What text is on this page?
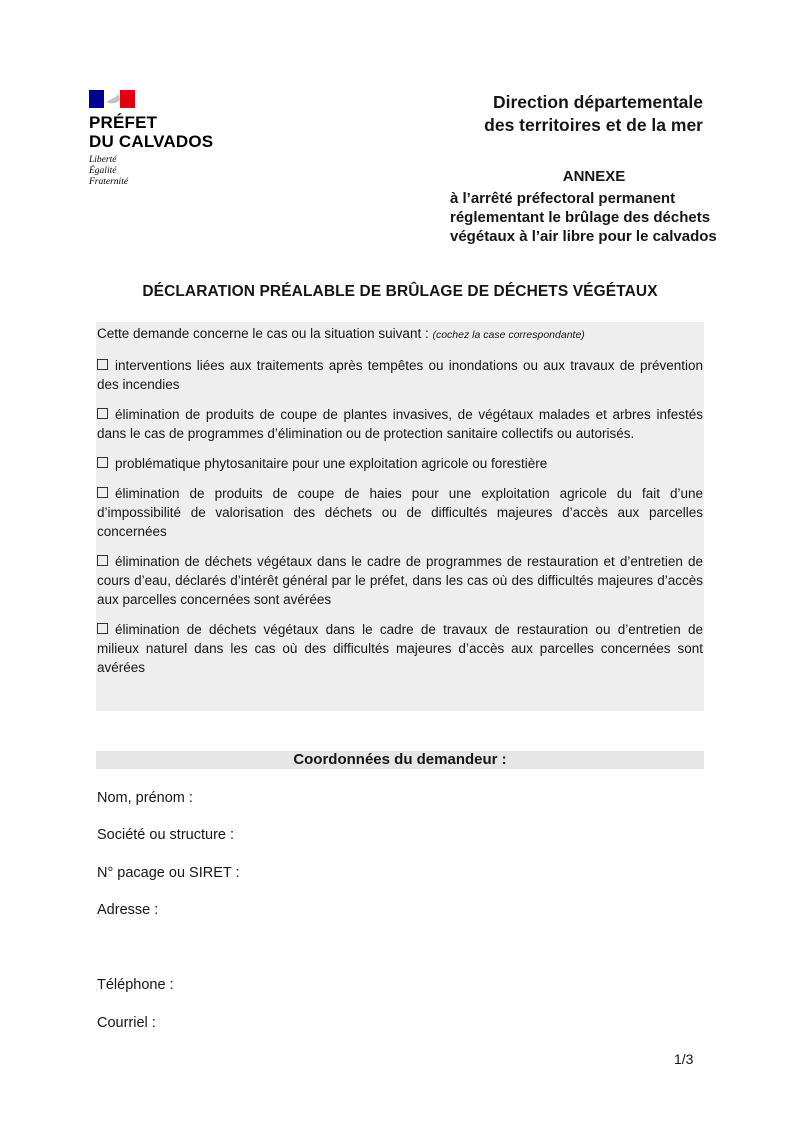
PRÉFET
DU CALVADOS
Liberté
Égalité
Fraternité
Direction départementale
des territoires et de la mer
ANNEXE
à l’arrêté préfectoral permanent
réglementant le brûlage des déchets
végétaux à l’air libre pour le calvados
DÉCLARATION PRÉALABLE DE BRÛLAGE DE DÉCHETS VÉGÉTAUX
Cette demande concerne le cas ou la situation suivant : (cochez la case correspondante)
interventions liées aux traitements après tempêtes ou inondations ou aux travaux de prévention des incendies
élimination de produits de coupe de plantes invasives, de végétaux malades et arbres infestés dans le cas de programmes d’élimination ou de protection sanitaire collectifs ou autorisés.
problématique phytosanitaire pour une exploitation agricole ou forestière
élimination de produits de coupe de haies pour une exploitation agricole du fait d’une d’impossibilité de valorisation des déchets ou de difficultés majeures d’accès aux parcelles concernées
élimination de déchets végétaux dans le cadre de programmes de restauration et d’entretien de cours d’eau, déclarés d’intérêt général par le préfet, dans les cas où des difficultés majeures d’accès aux parcelles concernées sont avérées
élimination de déchets végétaux dans le cadre de travaux de restauration ou d’entretien de milieux naturel dans les cas où des difficultés majeures d’accès aux parcelles concernées sont avérées
Coordonnées du demandeur :
Nom, prénom :
Société ou structure :
N° pacage ou SIRET :
Adresse :
Téléphone :
Courriel :
1/3
